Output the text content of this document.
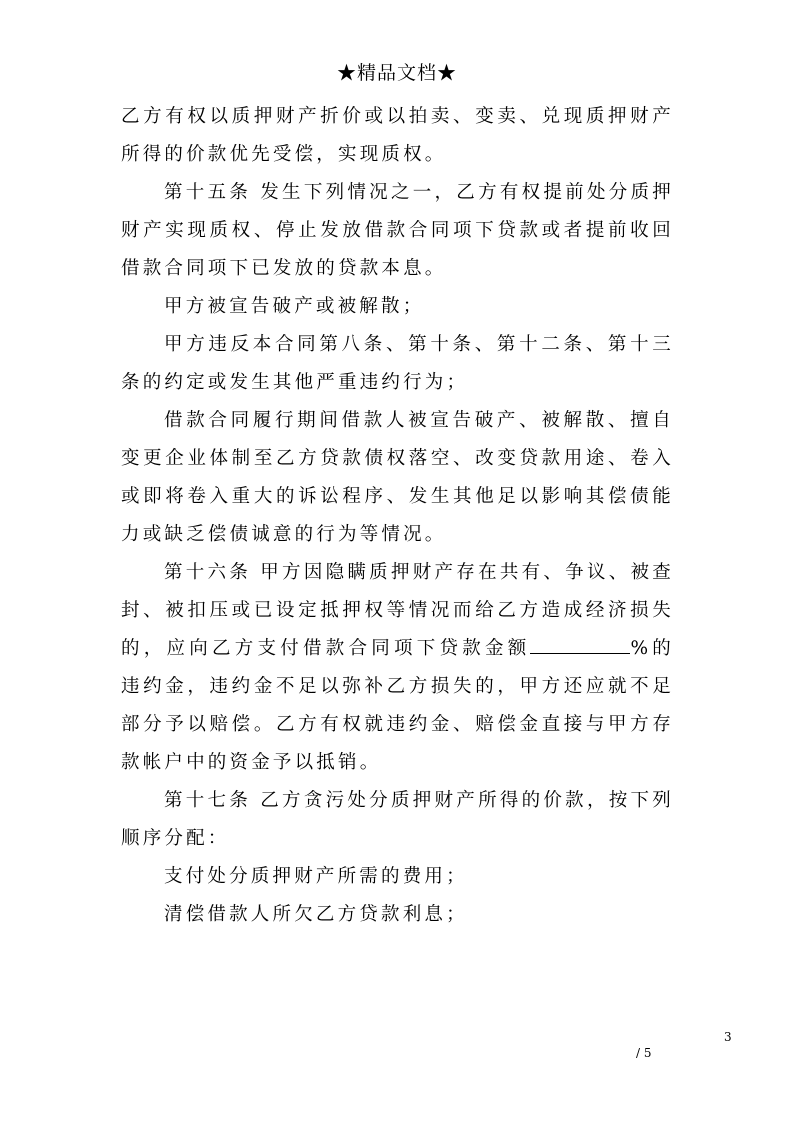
★精品文档★

乙方有权以质押财产折价或以拍卖、变卖、兑现质押财产所得的价款优先受偿，实现质权。

第十五条 发生下列情况之一，乙方有权提前处分质押财产实现质权、停止发放借款合同项下贷款或者提前收回借款合同项下已发放的贷款本息。

甲方被宣告破产或被解散；

甲方违反本合同第八条、第十条、第十二条、第十三条的约定或发生其他严重违约行为；

借款合同履行期间借款人被宣告破产、被解散、擅自变更企业体制至乙方贷款债权落空、改变贷款用途、卷入或即将卷入重大的诉讼程序、发生其他足以影响其偿债能力或缺乏偿债诚意的行为等情况。

第十六条 甲方因隐瞒质押财产存在共有、争议、被查封、被扣压或已设定抵押权等情况而给乙方造成经济损失的，应向乙方支付借款合同项下贷款金额	%的违约金，违约金不足以弥补乙方损失的，甲方还应就不足部分予以赔偿。乙方有权就违约金、赔偿金直接与甲方存款帐户中的资金予以抵销。

第十七条 乙方贪污处分质押财产所得的价款，按下列顺序分配：

支付处分质押财产所需的费用；

清偿借款人所欠乙方贷款利息；

3
/ 5
